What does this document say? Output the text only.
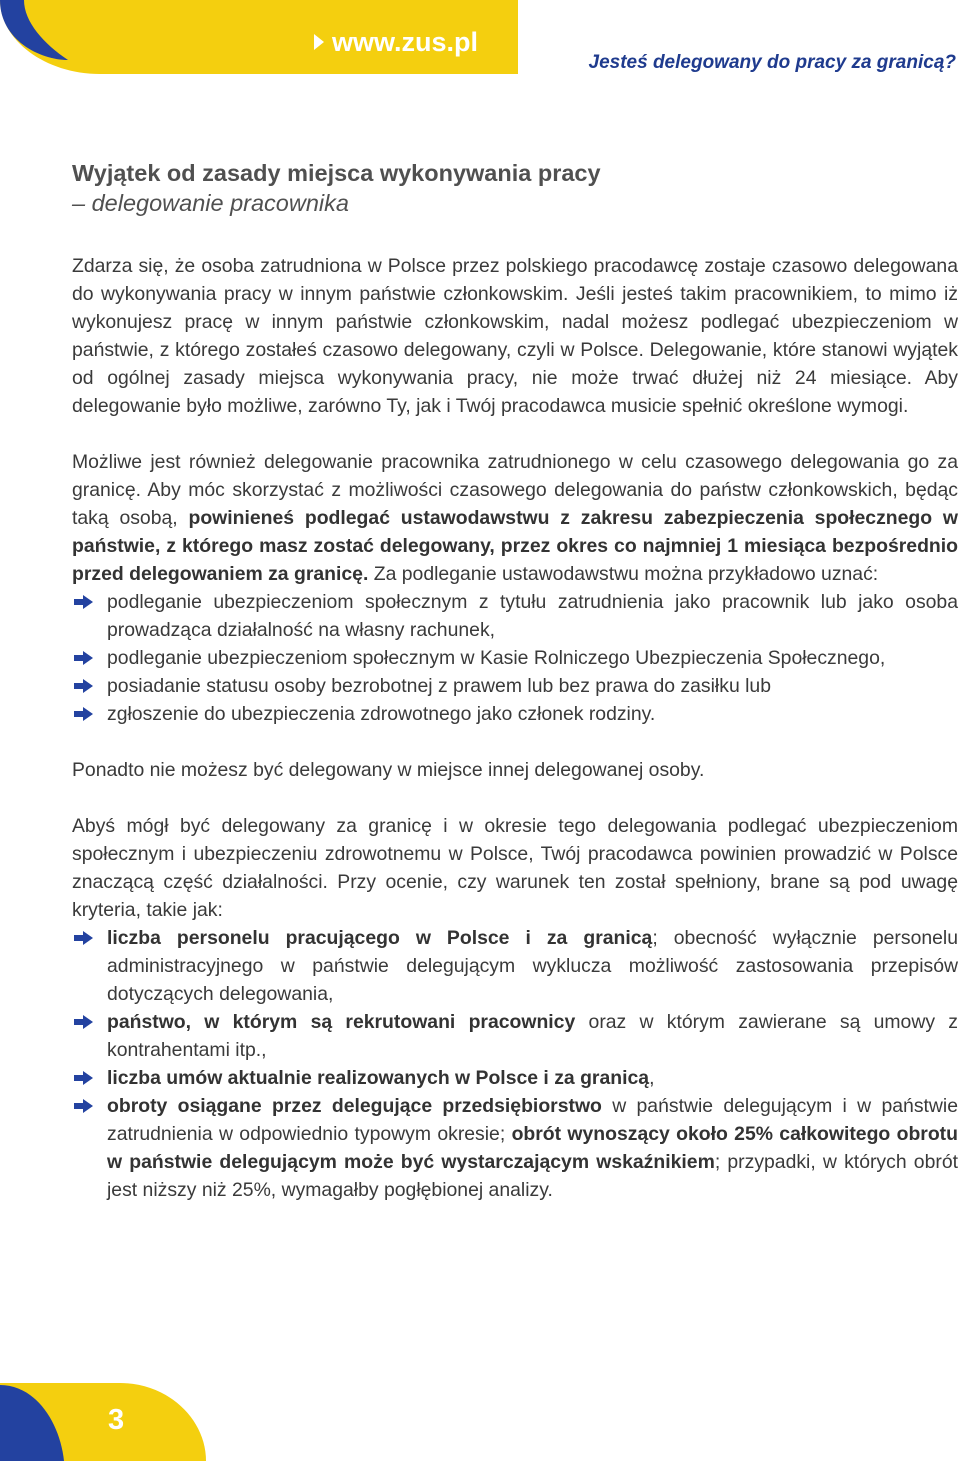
www.zus.pl
Jesteś delegowany do pracy za granicą?
Wyjątek od zasady miejsca wykonywania pracy
– delegowanie pracownika

Zdarza się, że osoba zatrudniona w Polsce przez polskiego pracodawcę zostaje czasowo delegowana do wykonywania pracy w innym państwie członkowskim. Jeśli jesteś takim pracownikiem, to mimo iż wykonujesz pracę w innym państwie członkowskim, nadal możesz podlegać ubezpieczeniom w państwie, z którego zostałeś czasowo delegowany, czyli w Polsce. Delegowanie, które stanowi wyjątek od ogólnej zasady miejsca wykonywania pracy, nie może trwać dłużej niż 24 miesiące. Aby delegowanie było możliwe, zarówno Ty, jak i Twój pracodawca musicie spełnić określone wymogi.

Możliwe jest również delegowanie pracownika zatrudnionego w celu czasowego delegowania go za granicę. Aby móc skorzystać z możliwości czasowego delegowania do państw członkowskich, będąc taką osobą, powinieneś podlegać ustawodawstwu z zakresu zabezpieczenia społecznego w państwie, z którego masz zostać delegowany, przez okres co najmniej 1 miesiąca bezpośrednio przed delegowaniem za granicę. Za podleganie ustawodawstwu można przykładowo uznać:

podleganie ubezpieczeniom społecznym z tytułu zatrudnienia jako pracownik lub jako osoba prowadząca działalność na własny rachunek,
podleganie ubezpieczeniom społecznym w Kasie Rolniczego Ubezpieczenia Społecznego,
posiadanie statusu osoby bezrobotnej z prawem lub bez prawa do zasiłku lub
zgłoszenie do ubezpieczenia zdrowotnego jako członek rodziny.

Ponadto nie możesz być delegowany w miejsce innej delegowanej osoby.

Abyś mógł być delegowany za granicę i w okresie tego delegowania podlegać ubezpieczeniom społecznym i ubezpieczeniu zdrowotnemu w Polsce, Twój pracodawca powinien prowadzić w Polsce znaczącą część działalności. Przy ocenie, czy warunek ten został spełniony, brane są pod uwagę kryteria, takie jak:

liczba personelu pracującego w Polsce i za granicą; obecność wyłącznie personelu administracyjnego w państwie delegującym wyklucza możliwość zastosowania przepisów dotyczących delegowania,
państwo, w którym są rekrutowani pracownicy oraz w którym zawierane są umowy z kontrahentami itp.,
liczba umów aktualnie realizowanych w Polsce i za granicą,
obroty osiągane przez delegujące przedsiębiorstwo w państwie delegującym i w państwie zatrudnienia w odpowiednio typowym okresie; obrót wynoszący około 25% całkowitego obrotu w państwie delegującym może być wystarczającym wskaźnikiem; przypadki, w których obrót jest niższy niż 25%, wymagałby pogłębionej analizy.
3
